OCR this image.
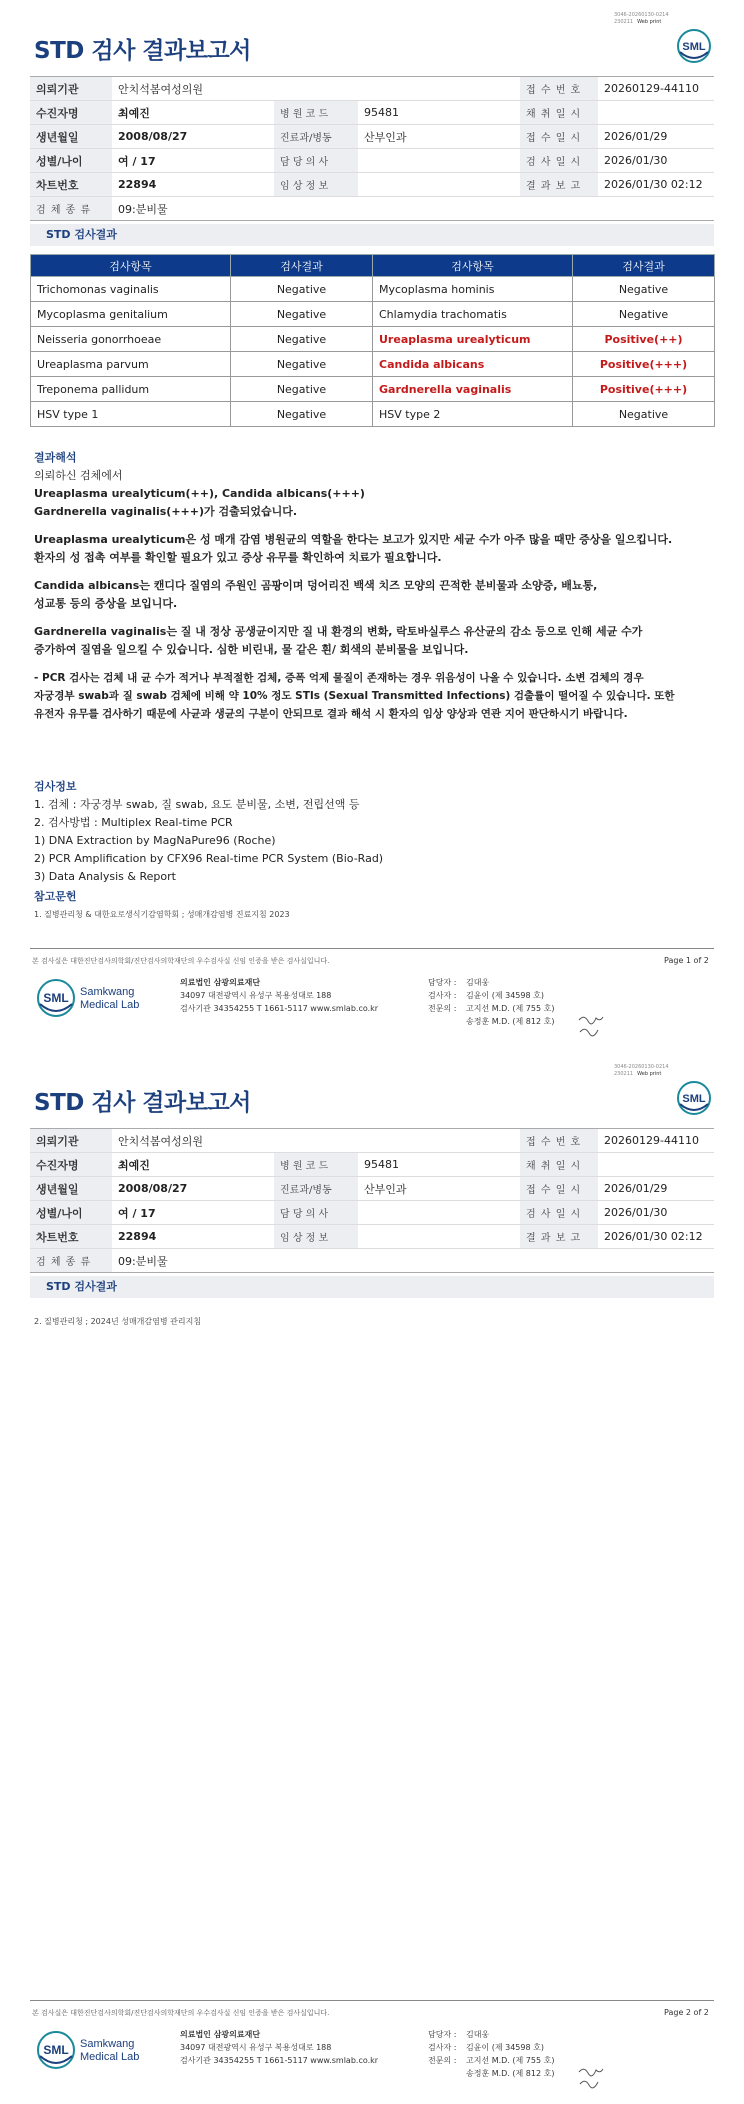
3046-20260130-0214
230211 Web print
STD 검사 결과보고서	SML
의뢰기관	안치석봄여성의원			접 수 번 호	20260129-44110
수진자명	최예진	병 원 코 드	95481	채 취 일 시	
생년월일	2008/08/27	진료과/병동	산부인과	접 수 일 시	2026/01/29
성별/나이	여 / 17	담 당 의 사		검 사 일 시	2026/01/30
차트번호	22894	임 상 정 보		결 과 보 고	2026/01/30 02:12
검 체 종 류	09:분비물				
STD 검사결과
검사항목	검사결과	검사항목	검사결과
Trichomonas vaginalis	Negative	Mycoplasma hominis	Negative
Mycoplasma genitalium	Negative	Chlamydia trachomatis	Negative
Neisseria gonorrhoeae	Negative	Ureaplasma urealyticum	Positive(++)
Ureaplasma parvum	Negative	Candida albicans	Positive(+++)
Treponema pallidum	Negative	Gardnerella vaginalis	Positive(+++)
HSV type 1	Negative	HSV type 2	Negative
결과해석
의뢰하신 검체에서
Ureaplasma urealyticum(++), Candida albicans(+++)
Gardnerella vaginalis(+++)가 검출되었습니다.
Ureaplasma urealyticum은 성 매개 감염 병원균의 역할을 한다는 보고가 있지만 세균 수가 아주 많을 때만 증상을 일으킵니다.
환자의 성 접촉 여부를 확인할 필요가 있고 증상 유무를 확인하여 치료가 필요합니다.
Candida albicans는 캔디다 질염의 주원인 곰팡이며 덩어리진 백색 치즈 모양의 끈적한 분비물과 소양증, 배뇨통,
성교통 등의 증상을 보입니다.
Gardnerella vaginalis는 질 내 정상 공생균이지만 질 내 환경의 변화, 락토바실루스 유산균의 감소 등으로 인해 세균 수가
증가하여 질염을 일으킬 수 있습니다. 심한 비린내, 물 같은 흰/ 회색의 분비물을 보입니다.
- PCR 검사는 검체 내 균 수가 적거나 부적절한 검체, 증폭 억제 물질이 존재하는 경우 위음성이 나올 수 있습니다. 소변 검체의 경우
자궁경부 swab과 질 swab 검체에 비해 약 10% 정도 STIs (Sexual Transmitted Infections) 검출률이 떨어질 수 있습니다. 또한
유전자 유무를 검사하기 때문에 사균과 생균의 구분이 안되므로 결과 해석 시 환자의 임상 양상과 연관 지어 판단하시기 바랍니다.
검사정보
1. 검체 : 자궁경부 swab, 질 swab, 요도 분비물, 소변, 전립선액 등
2. 검사방법 : Multiplex Real-time PCR
1) DNA Extraction by MagNaPure96 (Roche)
2) PCR Amplification by CFX96 Real-time PCR System (Bio-Rad)
3) Data Analysis & Report
참고문헌
1. 질병관리청 & 대한요로생식기감염학회 ; 성매개감염병 진료지침 2023
본 검사실은 대한진단검사의학회/진단검사의학재단의 우수검사실 신임 인증을 받은 검사실입니다.	Page 1 of 2
SML Samkwang
Medical Lab
의료법인 삼광의료재단
34097 대전광역시 유성구 복용성대로 188
검사기관 34354255 T 1661-5117 www.smlab.co.kr
담당자 : 김대웅
검사자 : 김윤이 (제 34598 호)
전문의 : 고지선 M.D. (제 755 호)
송정훈 M.D. (제 812 호)
3046-20260130-0214
230211 Web print
STD 검사 결과보고서	SML
의뢰기관	안치석봄여성의원			접 수 번 호	20260129-44110
수진자명	최예진	병 원 코 드	95481	채 취 일 시	
생년월일	2008/08/27	진료과/병동	산부인과	접 수 일 시	2026/01/29
성별/나이	여 / 17	담 당 의 사		검 사 일 시	2026/01/30
차트번호	22894	임 상 정 보		결 과 보 고	2026/01/30 02:12
검 체 종 류	09:분비물				
STD 검사결과
2. 질병관리청 ; 2024년 성매개감염병 관리지침
본 검사실은 대한진단검사의학회/진단검사의학재단의 우수검사실 신임 인증을 받은 검사실입니다.	Page 2 of 2
SML Samkwang
Medical Lab
의료법인 삼광의료재단
34097 대전광역시 유성구 복용성대로 188
검사기관 34354255 T 1661-5117 www.smlab.co.kr
담당자 : 김대웅
검사자 : 김윤이 (제 34598 호)
전문의 : 고지선 M.D. (제 755 호)
송정훈 M.D. (제 812 호)
